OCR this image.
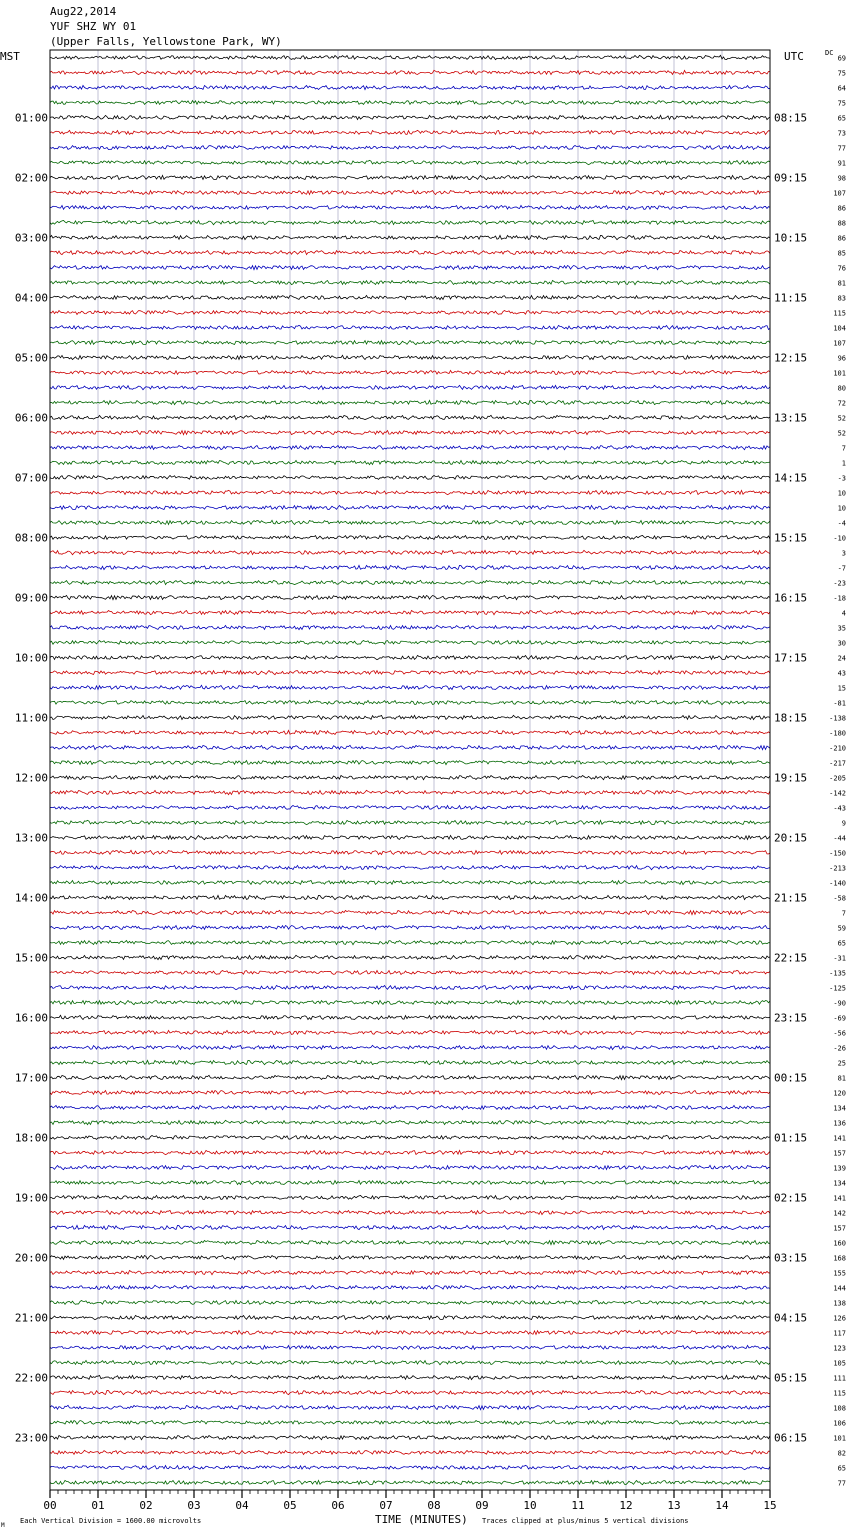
Aug22,2014
YUF SHZ WY 01
(Upper Falls, Yellowstone Park, WY)
00	01	02	03	04	05	06	07	08	09	10	11	12	13	14	15
01:00
02:00
03:00
04:00
05:00
06:00
07:00
08:00
09:00
10:00
11:00
12:00
13:00
14:00
15:00
16:00
17:00
18:00
19:00
20:00
21:00
22:00
23:00
08:15
09:15
10:15
11:15
12:15
13:15
14:15
15:15
16:15
17:15
18:15
19:15
20:15
21:15
22:15
23:15
00:15
01:15
02:15
03:15
04:15
05:15
06:15
69
75
64
75
65
73
77
91
98
107
86
88
86
85
76
81
83
115
104
107
96
101
80
72
52
52
7
1
-3
10
10
-4
-10
3
-7
-23
-18
4
35
30
24
43
15
-81
-138
-180
-210
-217
-205
-142
-43
9
-44
-150
-213
-140
-58
7
59
65
-31
-135
-125
-90
-69
-56
-26
25
81
120
134
136
141
157
139
134
141
142
157
160
168
155
144
138
126
117
123
105
111
115
108
106
101
82
65
77
MST	UTC	DC
TIME (MINUTES)
Each Vertical Division = 1600.00 microvolts	Traces clipped at plus/minus 5 vertical divisions
M
